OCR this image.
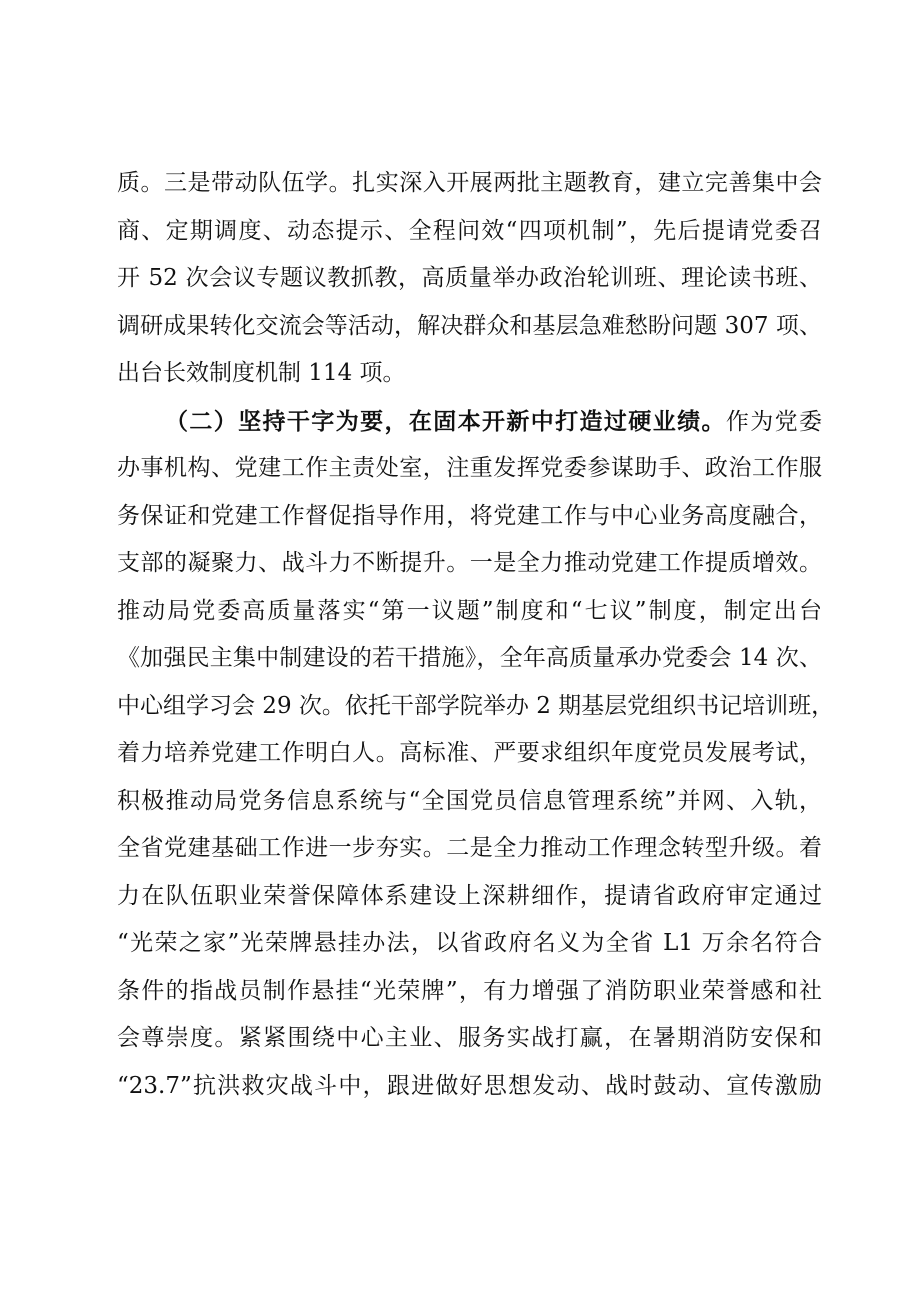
质。三是带动队伍学。扎实深入开展两批主题教育，建立完善集中会
商、定期调度、动态提示、全程问效“四项机制”，先后提请党委召
开 52 次会议专题议教抓教，高质量举办政治轮训班、理论读书班、
调研成果转化交流会等活动，解决群众和基层急难愁盼问题 307 项、
出台长效制度机制 114 项。
（二）坚持干字为要，在固本开新中打造过硬业绩。作为党委
办事机构、党建工作主责处室，注重发挥党委参谋助手、政治工作服
务保证和党建工作督促指导作用，将党建工作与中心业务高度融合，
支部的凝聚力、战斗力不断提升。一是全力推动党建工作提质增效。
推动局党委高质量落实“第一议题”制度和“七议”制度，制定出台
《加强民主集中制建设的若干措施》，全年高质量承办党委会 14 次、
中心组学习会 29 次。依托干部学院举办 2 期基层党组织书记培训班，
着力培养党建工作明白人。高标准、严要求组织年度党员发展考试，
积极推动局党务信息系统与“全国党员信息管理系统”并网、入轨，
全省党建基础工作进一步夯实。二是全力推动工作理念转型升级。着
力在队伍职业荣誉保障体系建设上深耕细作，提请省政府审定通过
“光荣之家”光荣牌悬挂办法，以省政府名义为全省 L1 万余名符合
条件的指战员制作悬挂“光荣牌”，有力增强了消防职业荣誉感和社
会尊崇度。紧紧围绕中心主业、服务实战打赢，在暑期消防安保和
“23.7”抗洪救灾战斗中，跟进做好思想发动、战时鼓动、宣传激励
